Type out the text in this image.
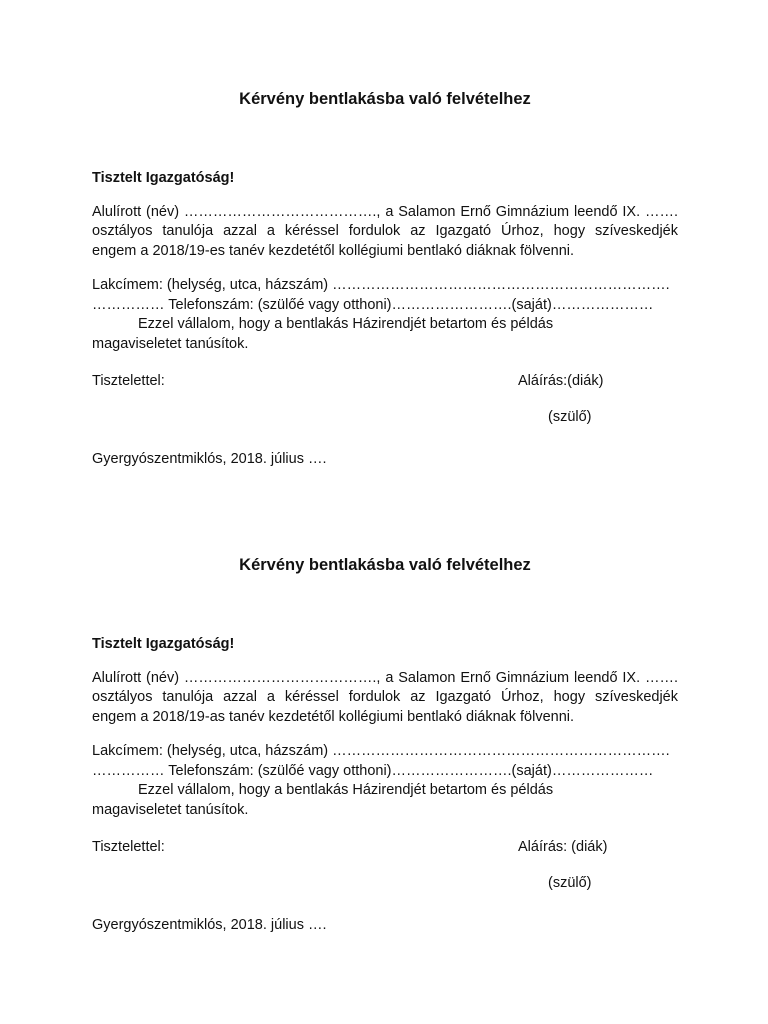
Kérvény bentlakásba való felvételhez

Tisztelt Igazgatóság!

Alulírott (név) …………………………………., a Salamon Ernő Gimnázium leendő IX. …….
osztályos tanulója azzal a kéréssel fordulok az Igazgató Úrhoz, hogy szíveskedjék
engem a 2018/19-es tanév kezdetétől kollégiumi bentlakó diáknak fölvenni.

Lakcímem: (helység, utca, házszám) …………………………………………………………….

…………… Telefonszám: (szülőé vagy otthoni)…………………….(saját)…………………

Ezzel vállalom, hogy a bentlakás Házirendjét betartom és példás

magaviseletet tanúsítok.

Tisztelettel:	Aláírás:(diák)
(szülő)

Gyergyószentmiklós, 2018. július ….

Kérvény bentlakásba való felvételhez

Tisztelt Igazgatóság!

Alulírott (név) …………………………………., a Salamon Ernő Gimnázium leendő IX. …….
osztályos tanulója azzal a kéréssel fordulok az Igazgató Úrhoz, hogy szíveskedjék
engem a 2018/19-as tanév kezdetétől kollégiumi bentlakó diáknak fölvenni.

Lakcímem: (helység, utca, házszám) …………………………………………………………….

…………… Telefonszám: (szülőé vagy otthoni)…………………….(saját)…………………

Ezzel vállalom, hogy a bentlakás Házirendjét betartom és példás

magaviseletet tanúsítok.

Tisztelettel:	Aláírás: (diák)
(szülő)

Gyergyószentmiklós, 2018. július ….
